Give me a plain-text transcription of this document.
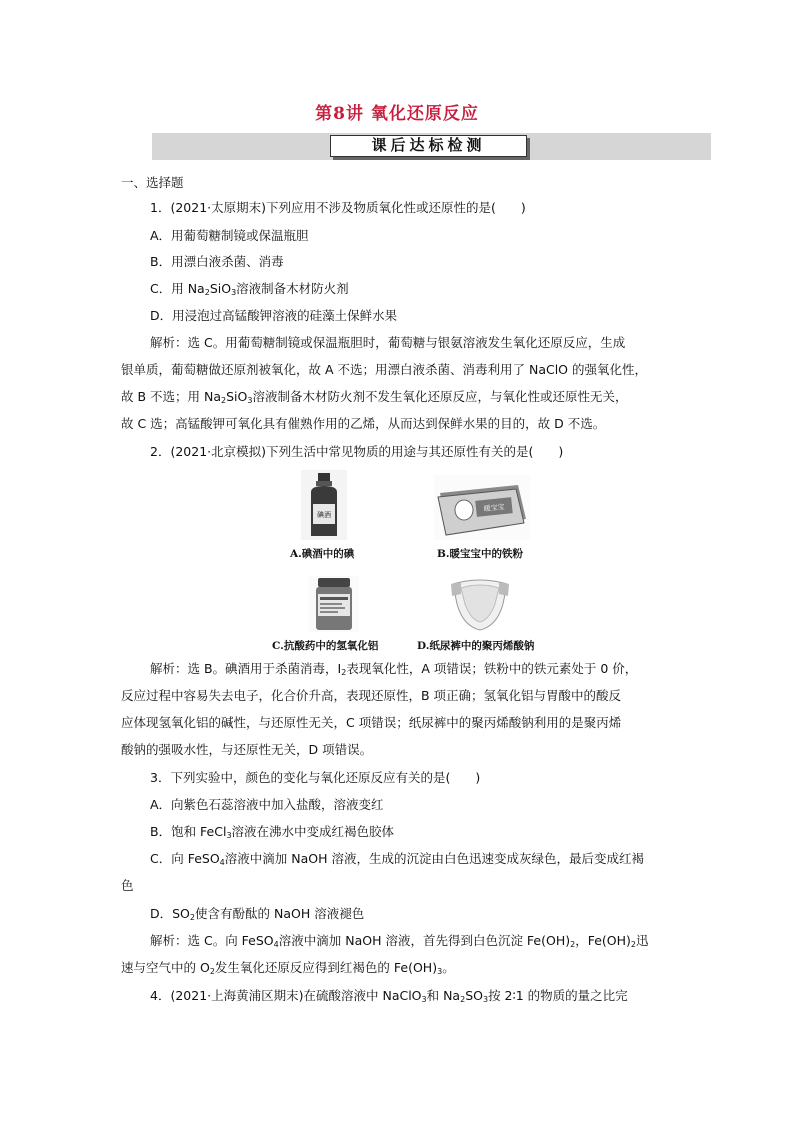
第8讲 氧化还原反应
课后达标检测
一、选择题
1．(2021·太原期末)下列应用不涉及物质氧化性或还原性的是(　　)
A．用葡萄糖制镜或保温瓶胆
B．用漂白液杀菌、消毒
C．用 $Na_2SiO_3$溶液制备木材防火剂
D．用浸泡过高锰酸钾溶液的硅藻土保鲜水果
解析：选 C。用葡萄糖制镜或保温瓶胆时，葡萄糖与银氨溶液发生氧化还原反应，生成
银单质，葡萄糖做还原剂被氧化，故 A 不选；用漂白液杀菌、消毒利用了 NaClO 的强氧化性，
故 B 不选；用 $Na_2SiO_3$溶液制备木材防火剂不发生氧化还原反应，与氧化性或还原性无关，
故 C 选；高锰酸钾可氧化具有催熟作用的乙烯，从而达到保鲜水果的目的，故 D 不选。
2．(2021·北京模拟)下列生活中常见物质的用途与其还原性有关的是(　　)
碘酒
A.碘酒中的碘
暖宝宝
B.暖宝宝中的铁粉
C.抗酸药中的氢氧化铝	D.纸尿裤中的聚丙烯酸钠
解析：选 B。碘酒用于杀菌消毒，$I_2$表现氧化性，A 项错误；铁粉中的铁元素处于 0 价，
反应过程中容易失去电子，化合价升高，表现还原性，B 项正确；氢氧化铝与胃酸中的酸反
应体现氢氧化铝的碱性，与还原性无关，C 项错误；纸尿裤中的聚丙烯酸钠利用的是聚丙烯
酸钠的强吸水性，与还原性无关，D 项错误。
3．下列实验中，颜色的变化与氧化还原反应有关的是(　　)
A．向紫色石蕊溶液中加入盐酸，溶液变红
B．饱和 FeCl$_3$溶液在沸水中变成红褐色胶体
C．向 FeSO$_4$溶液中滴加 NaOH 溶液，生成的沉淀由白色迅速变成灰绿色，最后变成红褐
色
D．$SO_2$使含有酚酞的 NaOH 溶液褪色
解析：选 C。向 FeSO$_4$溶液中滴加 NaOH 溶液，首先得到白色沉淀 $Fe(OH)_2$，$Fe(OH)_2$迅
速与空气中的 $O_2$发生氧化还原反应得到红褐色的 $Fe(OH)_3$。
4．(2021·上海黄浦区期末)在硫酸溶液中 NaClO$_3$和 $Na_2SO_3$按 2∶1 的物质的量之比完
